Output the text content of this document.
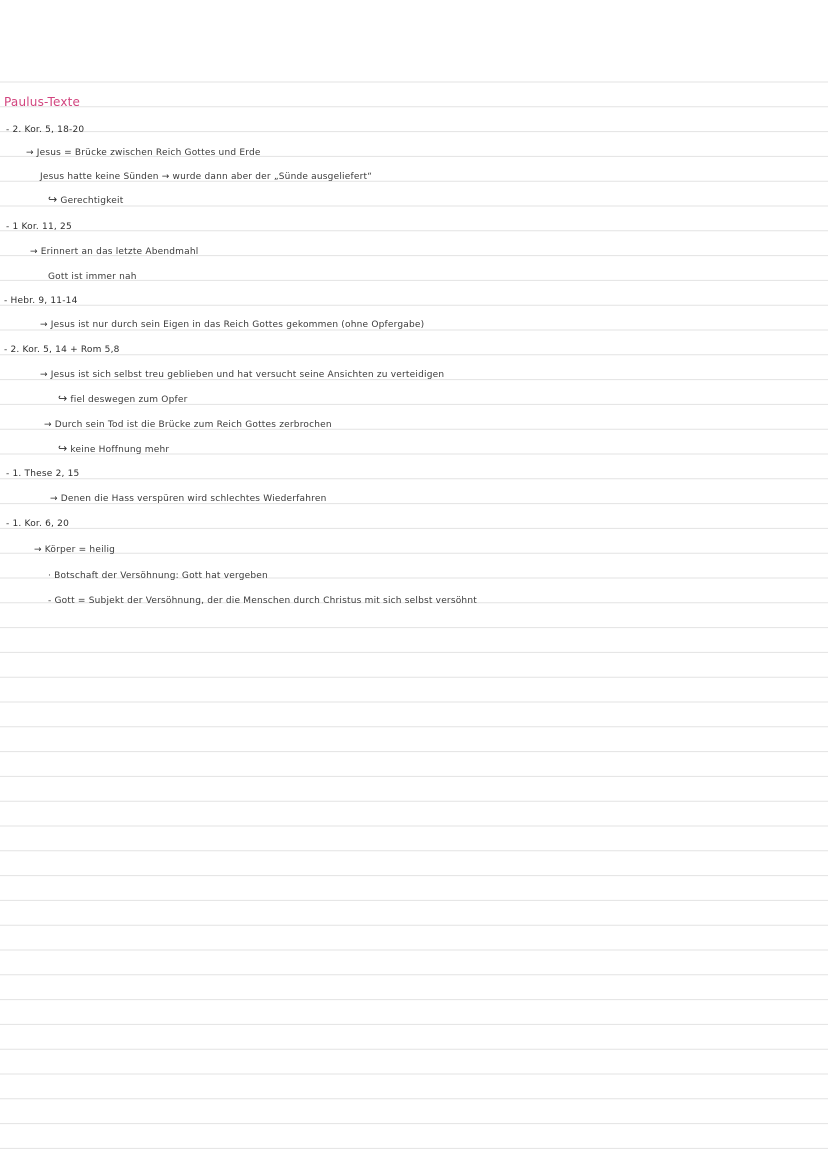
Paulus-Texte
- 2. Kor. 5, 18-20
→ Jesus = Brücke zwischen Reich Gottes und Erde
Jesus hatte keine Sünden → wurde dann aber der „Sünde ausgeliefert“
↪ Gerechtigkeit
- 1 Kor. 11, 25
→ Erinnert an das letzte Abendmahl
Gott ist immer nah
- Hebr. 9, 11-14
→ Jesus ist nur durch sein Eigen in das Reich Gottes gekommen (ohne Opfergabe)
- 2. Kor. 5, 14 + Rom 5,8
→ Jesus ist sich selbst treu geblieben und hat versucht seine Ansichten zu verteidigen
↪ fiel deswegen zum Opfer
→ Durch sein Tod ist die Brücke zum Reich Gottes zerbrochen
↪ keine Hoffnung mehr
- 1. These 2, 15
→ Denen die Hass verspüren wird schlechtes Wiederfahren
- 1. Kor. 6, 20
→ Körper = heilig
· Botschaft der Versöhnung: Gott hat vergeben
- Gott = Subjekt der Versöhnung, der die Menschen durch Christus mit sich selbst versöhnt
